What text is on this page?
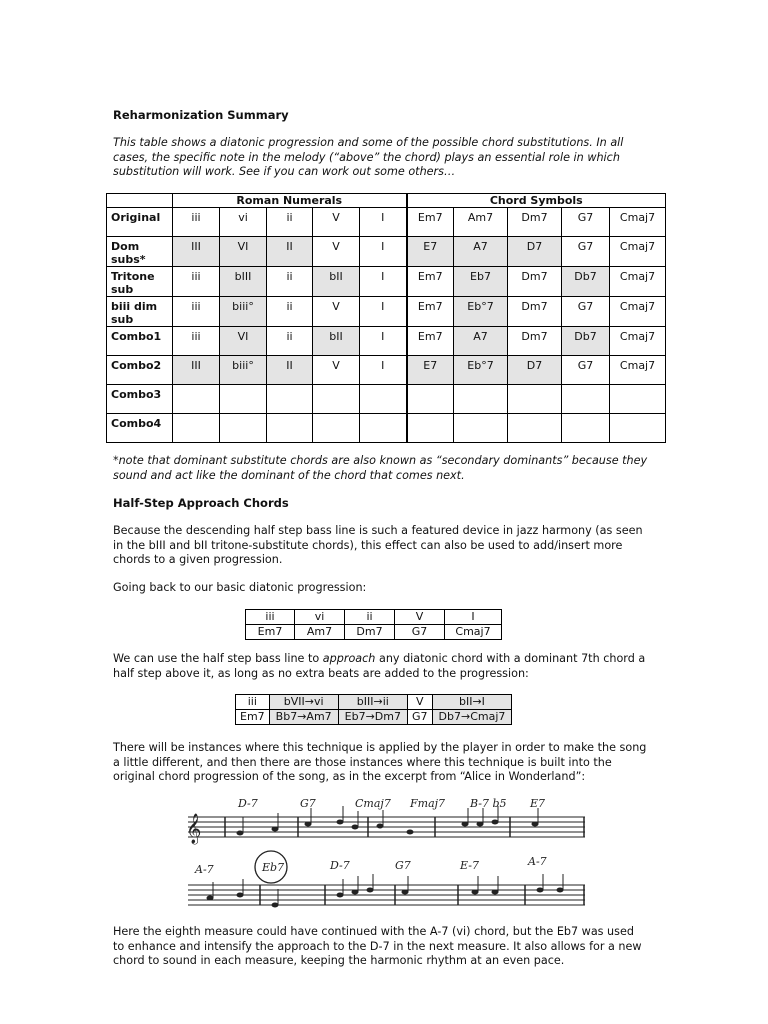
Reharmonization Summary
This table shows a diatonic progression and some of the possible chord substitutions. In all
cases, the specific note in the melody (“above” the chord) plays an essential role in which
substitution will work. See if you can work out some others…
	Roman Numerals					Chord Symbols				
Original	iii	vi	ii	V	I	Em7	Am7	Dm7	G7	Cmaj7
Dom subs*	III	VI	II	V	I	E7	A7	D7	G7	Cmaj7
Tritone sub	iii	bIII	ii	bII	I	Em7	Eb7	Dm7	Db7	Cmaj7
biii dim sub	iii	biii°	ii	V	I	Em7	Eb°7	Dm7	G7	Cmaj7
Combo1	iii	VI	ii	bII	I	Em7	A7	Dm7	Db7	Cmaj7
Combo2	III	biii°	II	V	I	E7	Eb°7	D7	G7	Cmaj7
Combo3										
Combo4										
*note that dominant substitute chords are also known as “secondary dominants” because they
sound and act like the dominant of the chord that comes next.
Half-Step Approach Chords
Because the descending half step bass line is such a featured device in jazz harmony (as seen
in the bIII and bII tritone-substitute chords), this effect can also be used to add/insert more
chords to a given progression.
Going back to our basic diatonic progression:
iii	vi	ii	V	I
Em7	Am7	Dm7	G7	Cmaj7
We can use the half step bass line to approach any diatonic chord with a dominant 7th chord a
half step above it, as long as no extra beats are added to the progression:
iii	bVII→vi	bIII→ii	V	bII→I
Em7	Bb7→Am7	Eb7→Dm7	G7	Db7→Cmaj7
There will be instances where this technique is applied by the player in order to make the song
a little different, and then there are those instances where this technique is built into the
original chord progression of the song, as in the excerpt from “Alice in Wonderland”:
𝄞
D-7	G7	Cmaj7 Fmaj7 B-7 b5 E7
A-7	Eb7	D-7	G7	E-7	A-7
Here the eighth measure could have continued with the A-7 (vi) chord, but the Eb7 was used
to enhance and intensify the approach to the D-7 in the next measure. It also allows for a new
chord to sound in each measure, keeping the harmonic rhythm at an even pace.
